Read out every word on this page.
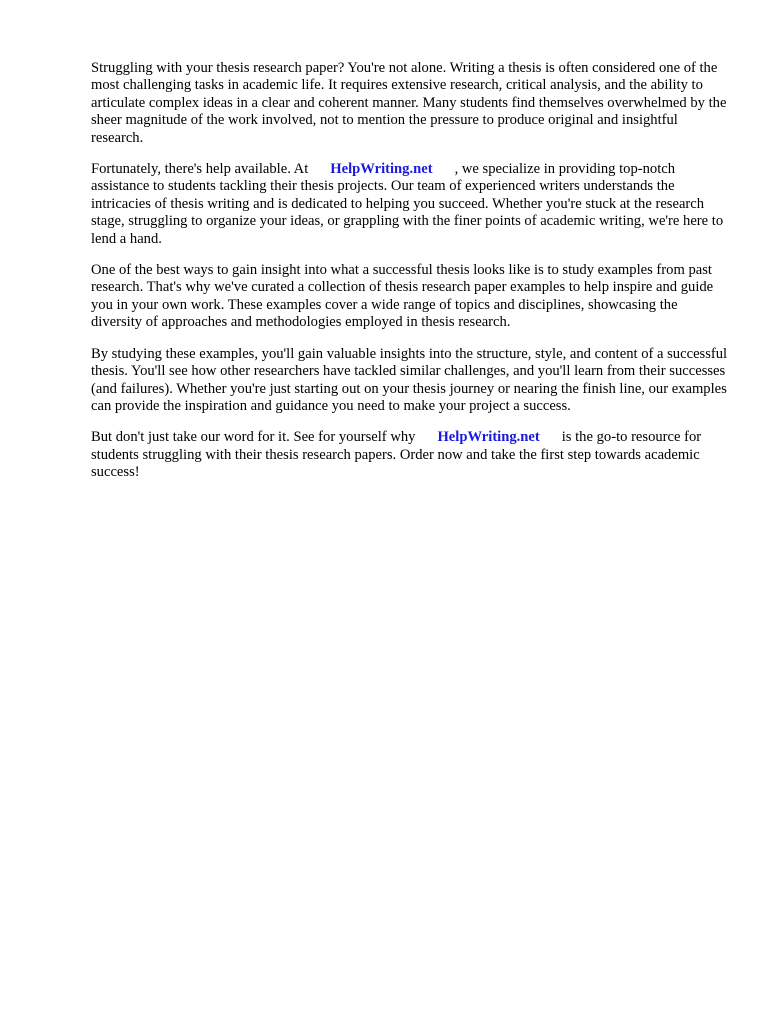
Struggling with your thesis research paper? You're not alone. Writing a thesis is often considered one of the most challenging tasks in academic life. It requires extensive research, critical analysis, and the ability to articulate complex ideas in a clear and coherent manner. Many students find themselves overwhelmed by the sheer magnitude of the work involved, not to mention the pressure to produce original and insightful research.

Fortunately, there's help available. At HelpWriting.net , we specialize in providing top-notch assistance to students tackling their thesis projects. Our team of experienced writers understands the intricacies of thesis writing and is dedicated to helping you succeed. Whether you're stuck at the research stage, struggling to organize your ideas, or grappling with the finer points of academic writing, we're here to lend a hand.

One of the best ways to gain insight into what a successful thesis looks like is to study examples from past research. That's why we've curated a collection of thesis research paper examples to help inspire and guide you in your own work. These examples cover a wide range of topics and disciplines, showcasing the diversity of approaches and methodologies employed in thesis research.

By studying these examples, you'll gain valuable insights into the structure, style, and content of a successful thesis. You'll see how other researchers have tackled similar challenges, and you'll learn from their successes (and failures). Whether you're just starting out on your thesis journey or nearing the finish line, our examples can provide the inspiration and guidance you need to make your project a success.

But don't just take our word for it. See for yourself why HelpWriting.net is the go-to resource for students struggling with their thesis research papers. Order now and take the first step towards academic success!
